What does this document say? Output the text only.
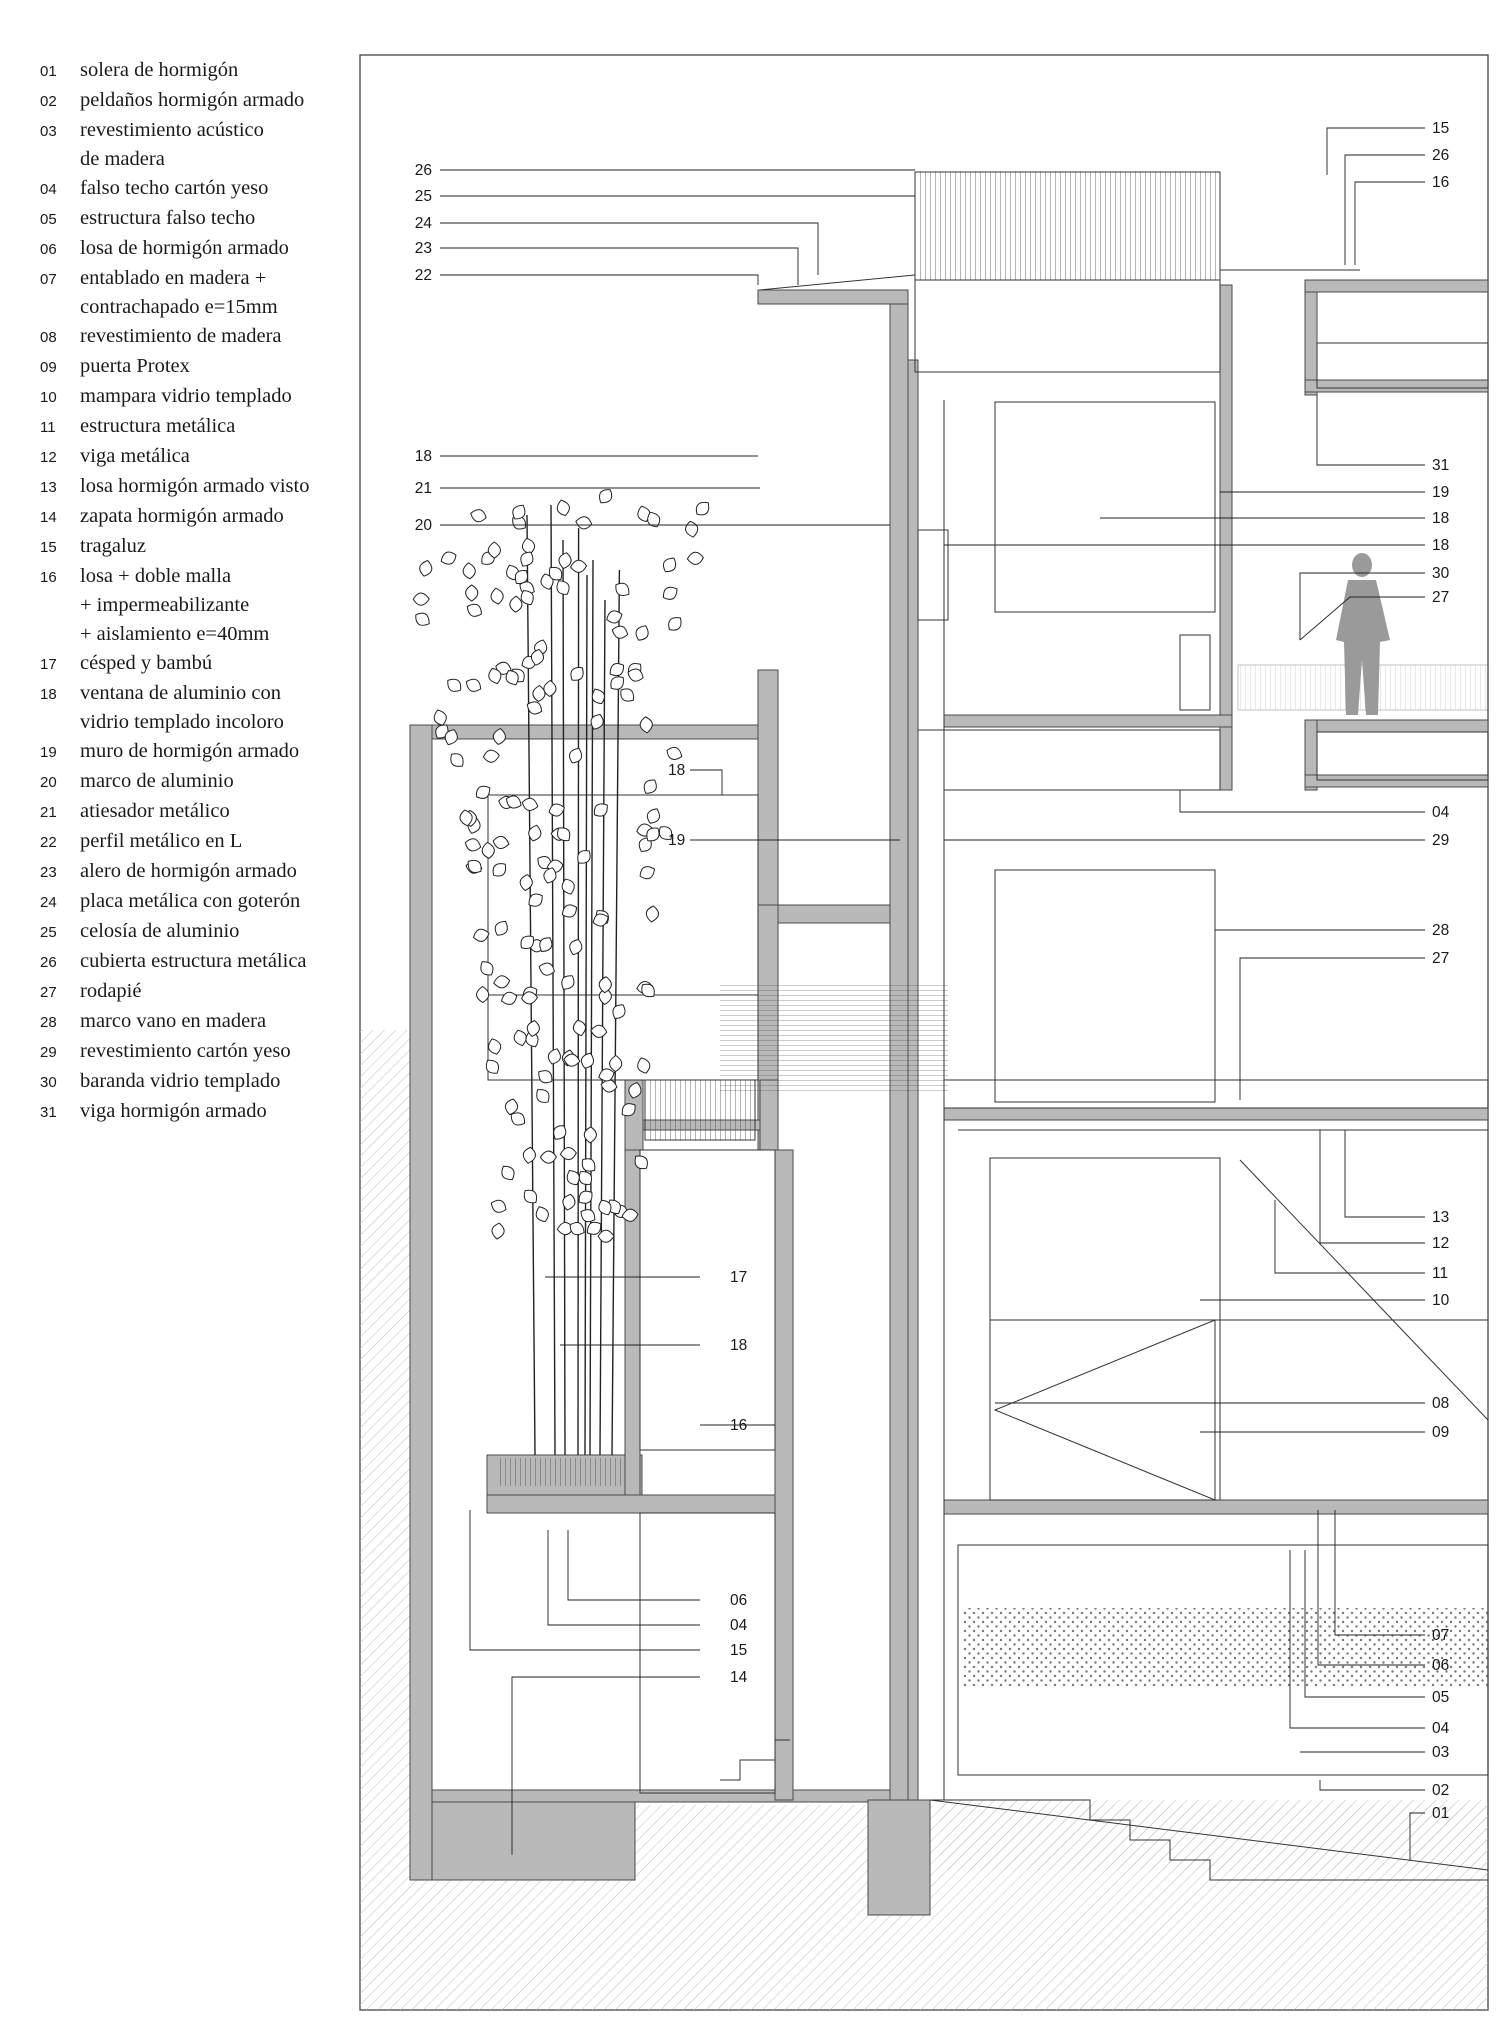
01	solera de hormigón
02	peldaños hormigón armado
03	revestimiento acústico
de madera
04	falso techo cartón yeso
05	estructura falso techo
06	losa de hormigón armado
07	entablado en madera +
contrachapado e=15mm
08	revestimiento de madera
09	puerta Protex
10	mampara vidrio templado
11	estructura metálica
12	viga metálica
13	losa hormigón armado visto
14	zapata hormigón armado
15	tragaluz
16	losa + doble malla
+ impermeabilizante
+ aislamiento e=40mm
17	césped y bambú
18	ventana de aluminio con
vidrio templado incoloro
19	muro de hormigón armado
20	marco de aluminio
21	atiesador metálico
22	perfil metálico en L
23	alero de hormigón armado
24	placa metálica con goterón
25	celosía de aluminio
26	cubierta estructura metálica
27	rodapié
28	marco vano en madera
29	revestimiento cartón yeso
30	baranda vidrio templado
31	viga hormigón armado
26
25
24
23
22
18
21
20
18
19
17
18
16
06
04
15
14
15
26
16
31
19
18
18
30
27
04
29
28
27
13
12
11
10
08
09
07
06
05
04
03
02
01
